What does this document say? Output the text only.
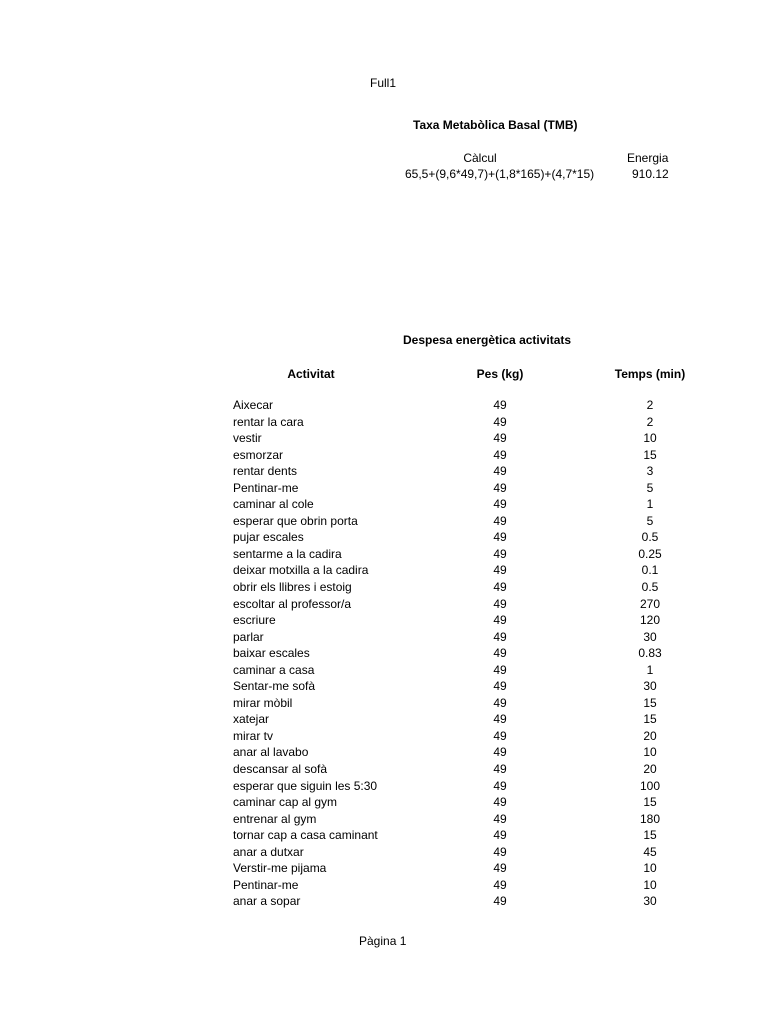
Full1
Taxa Metabòlica Basal (TMB)
Càlcul	Energia
65,5+(9,6*49,7)+(1,8*165)+(4,7*15)	910.12
Despesa energètica activitats
Activitat	Pes (kg)	Temps (min)
Aixecar	49	2
rentar la cara	49	2
vestir	49	10
esmorzar	49	15
rentar dents	49	3
Pentinar-me	49	5
caminar al cole	49	1
esperar que obrin porta	49	5
pujar escales	49	0.5
sentarme a la cadira	49	0.25
deixar motxilla a la cadira	49	0.1
obrir els llibres i estoig	49	0.5
escoltar al professor/a	49	270
escriure	49	120
parlar	49	30
baixar escales	49	0.83
caminar a casa	49	1
Sentar-me sofà	49	30
mirar mòbil	49	15
xatejar	49	15
mirar tv	49	20
anar al lavabo	49	10
descansar al sofà	49	20
esperar que siguin les 5:30	49	100
caminar cap al gym	49	15
entrenar al gym	49	180
tornar cap a casa caminant	49	15
anar a dutxar	49	45
Verstir-me pijama	49	10
Pentinar-me	49	10
anar a sopar	49	30
Pàgina 1
